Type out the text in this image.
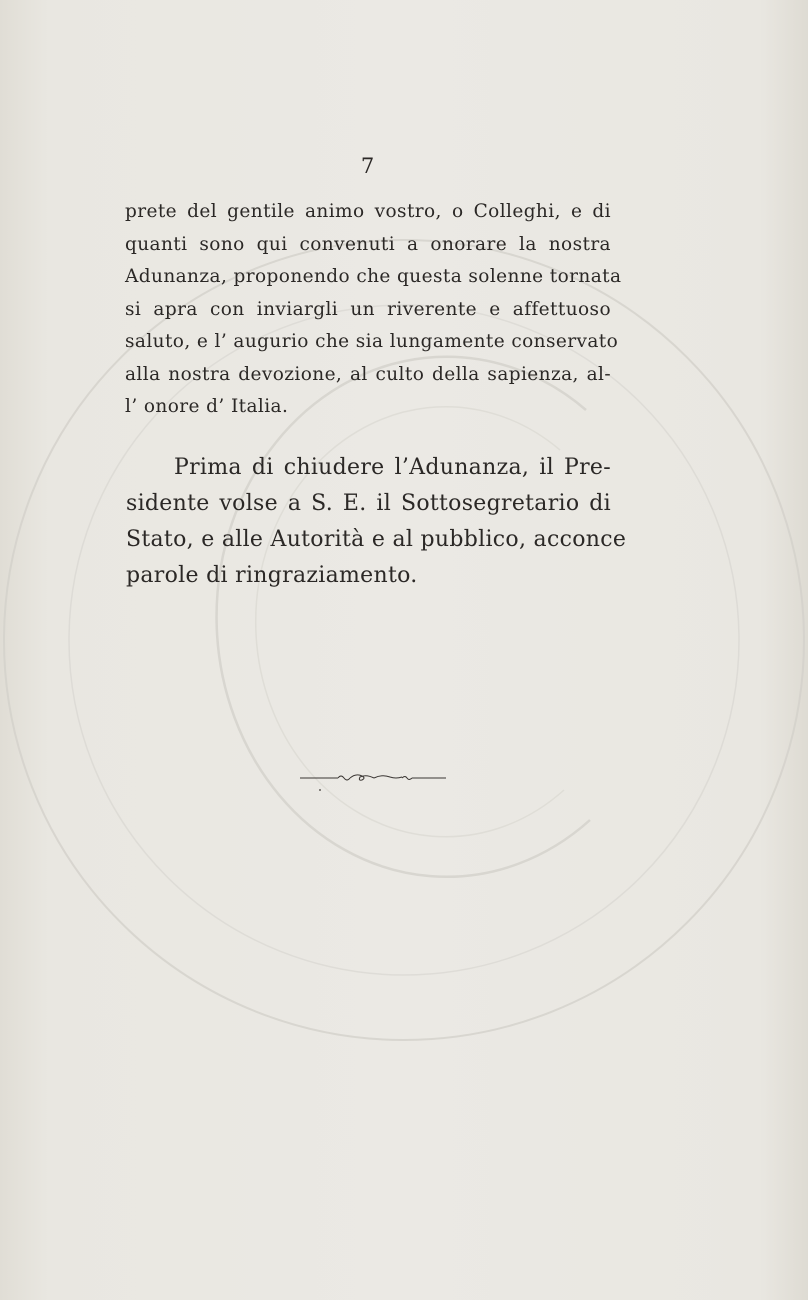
7
prete del gentile animo vostro, o Colleghi, e di
quanti sono qui convenuti a onorare la nostra
Adunanza, proponendo che questa solenne tornata
si apra con inviargli un riverente e affettuoso
saluto, e l’ augurio che sia lungamente conservato
alla nostra devozione, al culto della sapienza, al-
l’ onore d’ Italia.
Prima di chiudere l’Adunanza, il Pre-
sidente volse a S. E. il Sottosegretario di
Stato, e alle Autorità e al pubblico, acconce
parole di ringraziamento.
